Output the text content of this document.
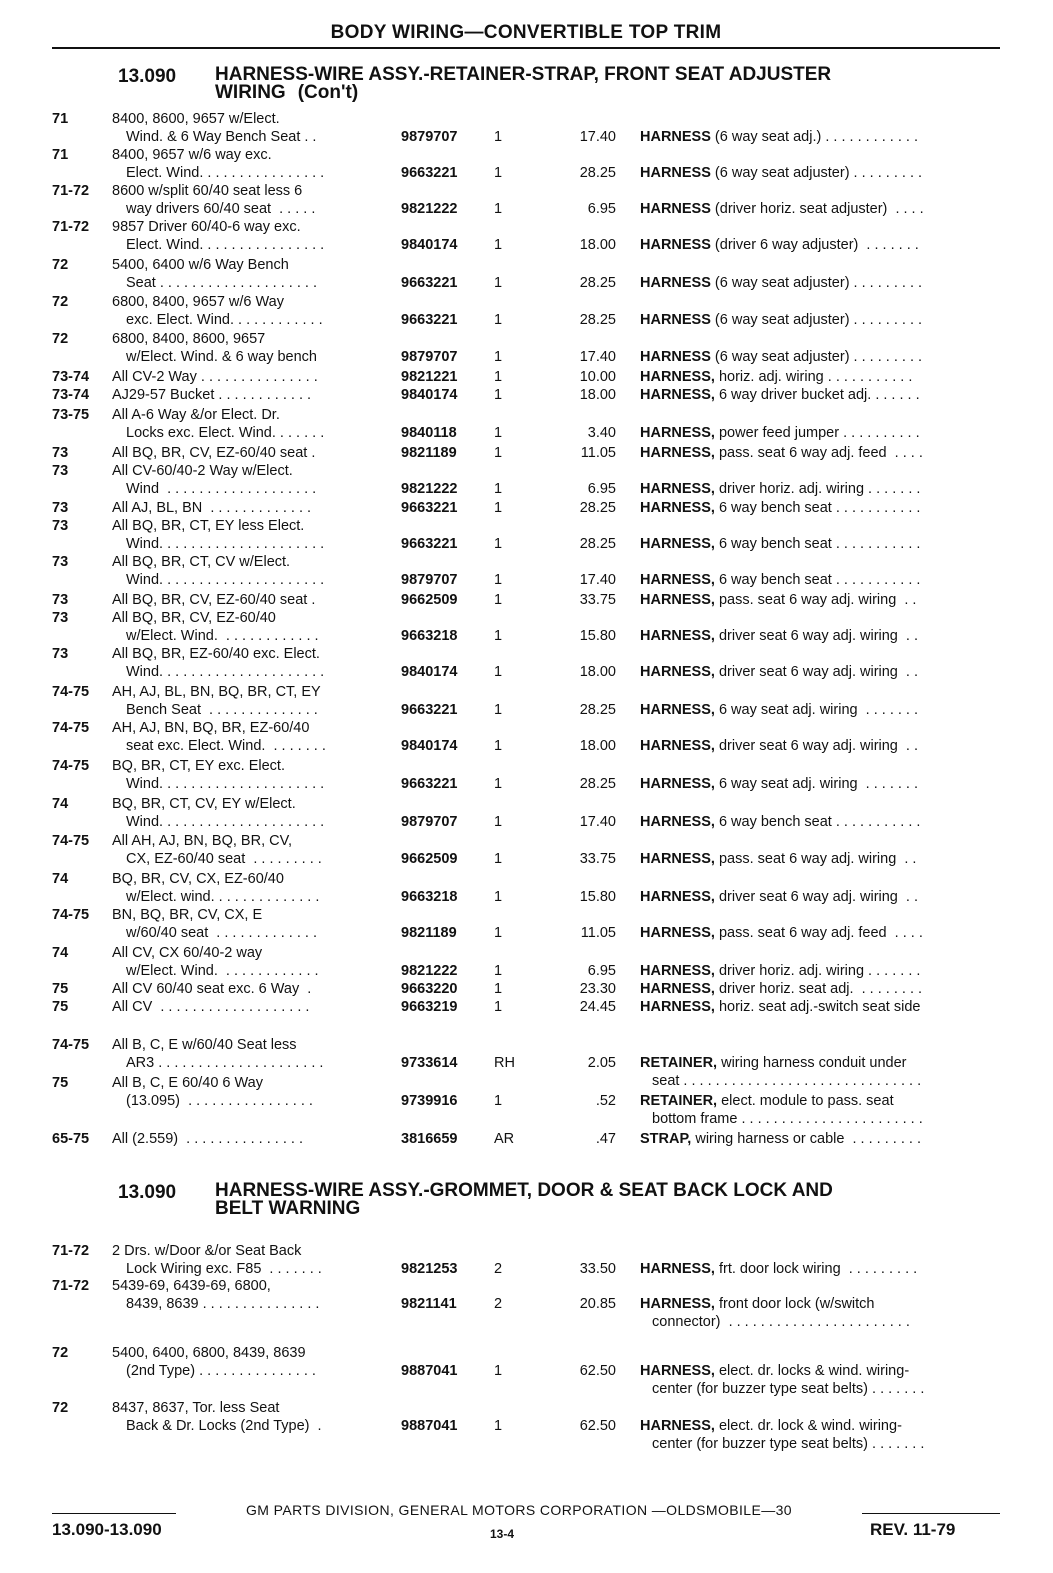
BODY WIRING—CONVERTIBLE TOP TRIM
13.090 HARNESS-WIRE ASSY.-RETAINER-STRAP, FRONT SEAT ADJUSTER
WIRING (Con't)
71	8400, 8600, 9657 w/Elect.
Wind. & 6 Way Bench Seat . .	9879707	1	17.40 HARNESS (6 way seat adj.) . . . . . . . . . . . .
71	8400, 9657 w/6 way exc.
Elect. Wind. . . . . . . . . . . . . . . .	9663221	1	28.25 HARNESS (6 way seat adjuster) . . . . . . . . .
71-72	8600 w/split 60/40 seat less 6
way drivers 60/40 seat  . . . . .	9821222	1	6.95 HARNESS (driver horiz. seat adjuster)  . . . .
71-72	9857 Driver 60/40-6 way exc.
Elect. Wind. . . . . . . . . . . . . . . .	9840174	1	18.00 HARNESS (driver 6 way adjuster)  . . . . . . .
72	5400, 6400 w/6 Way Bench
Seat . . . . . . . . . . . . . . . . . . . .	9663221	1	28.25 HARNESS (6 way seat adjuster) . . . . . . . . .
72	6800, 8400, 9657 w/6 Way
exc. Elect. Wind. . . . . . . . . . . .	9663221	1	28.25 HARNESS (6 way seat adjuster) . . . . . . . . .
72	6800, 8400, 8600, 9657
w/Elect. Wind. & 6 way bench	9879707	1	17.40 HARNESS (6 way seat adjuster) . . . . . . . . .
73-74	All CV-2 Way . . . . . . . . . . . . . . .	9821221	1	10.00 HARNESS, horiz. adj. wiring . . . . . . . . . . .
73-74	AJ29-57 Bucket . . . . . . . . . . . .	9840174	1	18.00 HARNESS, 6 way driver bucket adj. . . . . . .
73-75	All A-6 Way &/or Elect. Dr.
Locks exc. Elect. Wind. . . . . . .	9840118	1	3.40 HARNESS, power feed jumper . . . . . . . . . .
73	All BQ, BR, CV, EZ-60/40 seat .	9821189	1	11.05 HARNESS, pass. seat 6 way adj. feed  . . . .
73	All CV-60/40-2 Way w/Elect.
Wind  . . . . . . . . . . . . . . . . . . .	9821222	1	6.95 HARNESS, driver horiz. adj. wiring . . . . . . .
73	All AJ, BL, BN  . . . . . . . . . . . . .	9663221	1	28.25 HARNESS, 6 way bench seat . . . . . . . . . . .
73	All BQ, BR, CT, EY less Elect.
Wind. . . . . . . . . . . . . . . . . . . . .	9663221	1	28.25 HARNESS, 6 way bench seat . . . . . . . . . . .
73	All BQ, BR, CT, CV w/Elect.
Wind. . . . . . . . . . . . . . . . . . . . .	9879707	1	17.40 HARNESS, 6 way bench seat . . . . . . . . . . .
73	All BQ, BR, CV, EZ-60/40 seat .	9662509	1	33.75 HARNESS, pass. seat 6 way adj. wiring  . .
73	All BQ, BR, CV, EZ-60/40
w/Elect. Wind.  . . . . . . . . . . . .	9663218	1	15.80 HARNESS, driver seat 6 way adj. wiring  . .
73	All BQ, BR, EZ-60/40 exc. Elect.
Wind. . . . . . . . . . . . . . . . . . . . .	9840174	1	18.00 HARNESS, driver seat 6 way adj. wiring  . .
74-75	AH, AJ, BL, BN, BQ, BR, CT, EY
Bench Seat  . . . . . . . . . . . . . .	9663221	1	28.25 HARNESS, 6 way seat adj. wiring  . . . . . . .
74-75	AH, AJ, BN, BQ, BR, EZ-60/40
seat exc. Elect. Wind.  . . . . . . .	9840174	1	18.00 HARNESS, driver seat 6 way adj. wiring  . .
74-75	BQ, BR, CT, EY exc. Elect.
Wind. . . . . . . . . . . . . . . . . . . . .	9663221	1	28.25 HARNESS, 6 way seat adj. wiring  . . . . . . .
74	BQ, BR, CT, CV, EY w/Elect.
Wind. . . . . . . . . . . . . . . . . . . . .	9879707	1	17.40 HARNESS, 6 way bench seat . . . . . . . . . . .
74-75	All AH, AJ, BN, BQ, BR, CV,
CX, EZ-60/40 seat  . . . . . . . . .	9662509	1	33.75 HARNESS, pass. seat 6 way adj. wiring  . .
74	BQ, BR, CV, CX, EZ-60/40
w/Elect. wind. . . . . . . . . . . . . .	9663218	1	15.80 HARNESS, driver seat 6 way adj. wiring  . .
74-75	BN, BQ, BR, CV, CX, E
w/60/40 seat  . . . . . . . . . . . . .	9821189	1	11.05 HARNESS, pass. seat 6 way adj. feed  . . . .
74	All CV, CX 60/40-2 way
w/Elect. Wind.  . . . . . . . . . . . .	9821222	1	6.95 HARNESS, driver horiz. adj. wiring . . . . . . .
75	All CV 60/40 seat exc. 6 Way  .	9663220	1	23.30 HARNESS, driver horiz. seat adj.  . . . . . . . .
75	All CV  . . . . . . . . . . . . . . . . . . .	9663219	1	24.45 HARNESS, horiz. seat adj.-switch seat side
74-75	All B, C, E w/60/40 Seat less
AR3 . . . . . . . . . . . . . . . . . . . . .	9733614	RH	2.05 RETAINER, wiring harness conduit under
seat . . . . . . . . . . . . . . . . . . . . . . . . . . . . . .
75	All B, C, E 60/40 6 Way
(13.095)  . . . . . . . . . . . . . . . .	9739916	1	.52 RETAINER, elect. module to pass. seat
bottom frame . . . . . . . . . . . . . . . . . . . . . . .
65-75	All (2.559)  . . . . . . . . . . . . . . .	3816659	AR	.47 STRAP, wiring harness or cable  . . . . . . . . .
13.090 HARNESS-WIRE ASSY.-GROMMET, DOOR & SEAT BACK LOCK AND
BELT WARNING
71-72	2 Drs. w/Door &/or Seat Back
Lock Wiring exc. F85  . . . . . . .	9821253	2	33.50 HARNESS, frt. door lock wiring  . . . . . . . . .
71-72	5439-69, 6439-69, 6800,
8439, 8639 . . . . . . . . . . . . . . .	9821141	2	20.85 HARNESS, front door lock (w/switch
connector)  . . . . . . . . . . . . . . . . . . . . . . .
72	5400, 6400, 6800, 8439, 8639
(2nd Type) . . . . . . . . . . . . . . .	9887041	1	62.50 HARNESS, elect. dr. locks & wind. wiring-
center (for buzzer type seat belts) . . . . . . .
72	8437, 8637, Tor. less Seat
Back & Dr. Locks (2nd Type)  .	9887041	1	62.50 HARNESS, elect. dr. lock & wind. wiring-
center (for buzzer type seat belts) . . . . . . .
GM PARTS DIVISION, GENERAL MOTORS CORPORATION —OLDSMOBILE—30
13.090-13.090	13-4	REV. 11-79
